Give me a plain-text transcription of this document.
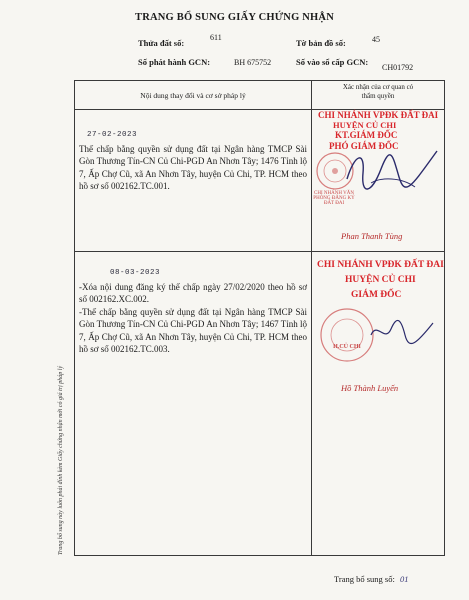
TRANG BỔ SUNG GIẤY CHỨNG NHẬN
Thửa đất số:
611
Tờ bản đồ số:	45
Số phát hành GCN:	BH 675752	Số vào sổ cấp GCN:
CH01792
Trang bổ sung này luôn phải đính kèm Giấy chứng nhận mới có giá trị pháp lý
Nội dung thay đổi và cơ sở pháp lý
Xác nhận của cơ quan có
thẩm quyền
27-02-2023
Thế chấp bằng quyền sử dụng đất tại Ngân hàng TMCP Sài Gòn Thương Tín-CN Củ Chi-PGD An Nhơn Tây; 1476 Tỉnh lộ 7, Ấp Chợ Cũ, xã An Nhơn Tây, huyện Củ Chi, TP. HCM theo hồ sơ số 002162.TC.001.
CHI NHÁNH VPĐK ĐẤT ĐAI
HUYỆN CỦ CHI
KT.GIÁM ĐỐC
PHÓ GIÁM ĐỐC
CHI NHÁNH VĂN PHÒNG ĐĂNG KÝ ĐẤT ĐAI
Phan Thanh Tùng
08-03-2023
-Xóa nội dung đăng ký thế chấp ngày 27/02/2020 theo hồ sơ số 002162.XC.002.
-Thế chấp bằng quyền sử dụng đất tại Ngân hàng TMCP Sài Gòn Thương Tín-CN Củ Chi-PGD An Nhơn Tây; 1467 Tỉnh lộ 7, Ấp Chợ Cũ, xã An Nhơn Tây, huyện Củ Chi, TP. HCM theo hồ sơ số 002162.TC.003.
CHI NHÁNH VPĐK ĐẤT ĐAI
HUYỆN CỦ CHI
GIÁM ĐỐC
H.CỦ CHI
Hồ Thành Luyến
Trang bổ sung số: 01
